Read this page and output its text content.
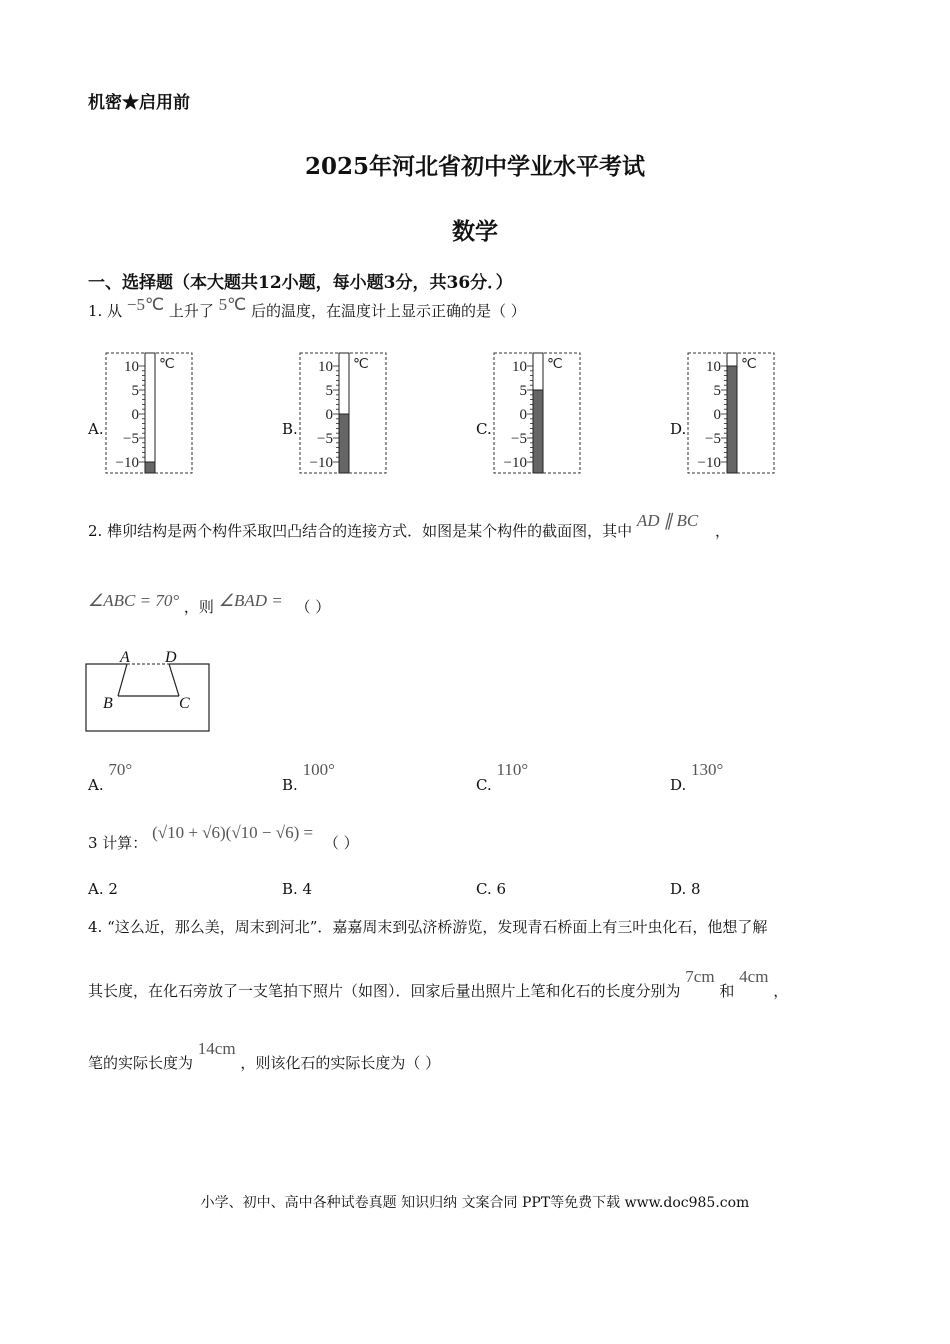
机密★启用前
2025年河北省初中学业水平考试
数学
一、选择题（本大题共12小题，每小题3分，共36分．）
1. 从 −5℃ 上升了 5℃ 后的温度，在温度计上显示正确的是（ ）
A.
10
5
0
−5
−10
℃
B.
10
5
0
−5
−10
℃
C.
10
5
0
−5
−10
℃
D.
10
5
0
−5
−10
℃
2. 榫卯结构是两个构件采取凹凸结合的连接方式．如图是某个构件的截面图，其中 AD ∥ BC ，
∠ABC = 70° ，则 ∠BAD = （ ）
A D
B	C
A. 70°
B. 100°
C. 110°
D. 130°
3 计算： (√10 + √6)(√10 − √6) = （ ）
A. 2	B. 4	C. 6	D. 8
4. “这么近，那么美，周末到河北”．嘉嘉周末到弘济桥游览，发现青石桥面上有三叶虫化石，他想了解
其长度，在化石旁放了一支笔拍下照片（如图）．回家后量出照片上笔和化石的长度分别为 7cm 和 4cm ，
笔的实际长度为 14cm ，则该化石的实际长度为（ ）
小学、初中、高中各种试卷真题 知识归纳 文案合同 PPT等免费下载 www.doc985.com
